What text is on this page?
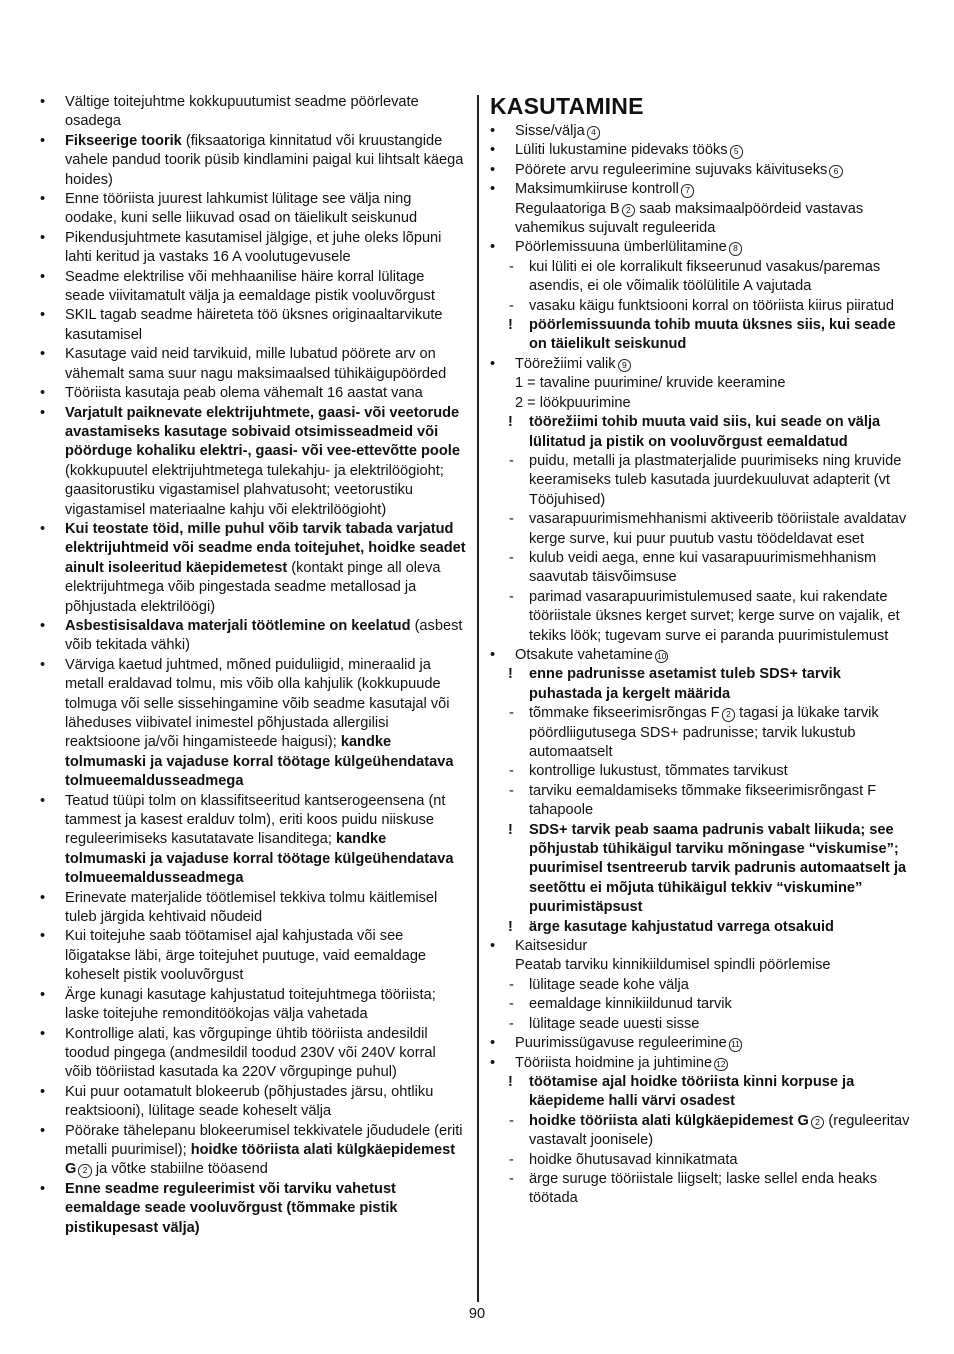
• Vältige toitejuhtme kokkupuutumist seadme pöörlevate osadega
• Fikseerige toorik (fiksaatoriga kinnitatud või kruustangide vahele pandud toorik püsib kindlamini paigal kui lihtsalt käega hoides)
• Enne tööriista juurest lahkumist lülitage see välja ning oodake, kuni selle liikuvad osad on täielikult seiskunud
• Pikendusjuhtmete kasutamisel jälgige, et juhe oleks lõpuni lahti keritud ja vastaks 16 A voolutugevusele
• Seadme elektrilise või mehhaanilise häire korral lülitage seade viivitamatult välja ja eemaldage pistik vooluvõrgust
• SKIL tagab seadme häireteta töö üksnes originaaltarvikute kasutamisel
• Kasutage vaid neid tarvikuid, mille lubatud pöörete arv on vähemalt sama suur nagu maksimaalsed tühikäigupöörded
• Tööriista kasutaja peab olema vähemalt 16 aastat vana
• Varjatult paiknevate elektrijuhtmete, gaasi- või veetorude avastamiseks kasutage sobivaid otsimisseadmeid või pöörduge kohaliku elektri-, gaasi- või vee-ettevõtte poole (kokkupuutel elektrijuhtmetega tulekahju- ja elektrilöögioht; gaasitorustiku vigastamisel plahvatusoht; veetorustiku vigastamisel materiaalne kahju või elektrilöögioht)
• Kui teostate töid, mille puhul võib tarvik tabada varjatud elektrijuhtmeid või seadme enda toitejuhet, hoidke seadet ainult isoleeritud käepidemetest (kontakt pinge all oleva elektrijuhtmega võib pingestada seadme metallosad ja põhjustada elektrilöögi)
• Asbestisisaldava materjali töötlemine on keelatud (asbest võib tekitada vähki)
• Värviga kaetud juhtmed, mõned puiduliigid, mineraalid ja metall eraldavad tolmu, mis võib olla kahjulik (kokkupuude tolmuga või selle sissehingamine võib seadme kasutajal või läheduses viibivatel inimestel põhjustada allergilisi reaktsioone ja/või hingamisteede haigusi); kandke tolmumaski ja vajaduse korral töötage külgeühendatava tolmueemaldusseadmega
• Teatud tüüpi tolm on klassifitseeritud kantserogeensena (nt tammest ja kasest eralduv tolm), eriti koos puidu niiskuse reguleerimiseks kasutatavate lisanditega; kandke tolmumaski ja vajaduse korral töötage külgeühendatava tolmueemaldusseadmega
• Erinevate materjalide töötlemisel tekkiva tolmu käitlemisel tuleb järgida kehtivaid nõudeid
• Kui toitejuhe saab töötamisel ajal kahjustada või see lõigatakse läbi, ärge toitejuhet puutuge, vaid eemaldage koheselt pistik vooluvõrgust
• Ärge kunagi kasutage kahjustatud toitejuhtmega tööriista; laske toitejuhe remonditöökojas välja vahetada
• Kontrollige alati, kas võrgupinge ühtib tööriista andesildil toodud pingega (andmesildil toodud 230V või 240V korral võib tööriistad kasutada ka 220V võrgupinge puhul)
• Kui puur ootamatult blokeerub (põhjustades järsu, ohtliku reaktsiooni), lülitage seade koheselt välja
• Pöörake tähelepanu blokeerumisel tekkivatele jõududele (eriti metalli puurimisel); hoidke tööriista alati külgkäepidemest G 2 ja võtke stabiilne tööasend
• Enne seadme reguleerimist või tarviku vahetust eemaldage seade vooluvõrgust (tõmmake pistik pistikupesast välja)
KASUTAMINE
• Sisse/välja 4
• Lüliti lukustamine pidevaks tööks 5
• Pöörete arvu reguleerimine sujuvaks käivituseks 6
• Maksimumkiiruse kontroll 7
Regulaatoriga B 2 saab maksimaalpöördeid vastavas vahemikus sujuvalt reguleerida
• Pöörlemissuuna ümberlülitamine 8
- kui lüliti ei ole korralikult fikseerunud vasakus/paremas asendis, ei ole võimalik töölülitile A vajutada
- vasaku käigu funktsiooni korral on tööriista kiirus piiratud
! pöörlemissuunda tohib muuta üksnes siis, kui seade on täielikult seiskunud
• Töörežiimi valik 9
1 = tavaline puurimine/ kruvide keeramine
2 = löökpuurimine
! töörežiimi tohib muuta vaid siis, kui seade on välja lülitatud ja pistik on vooluvõrgust eemaldatud
- puidu, metalli ja plastmaterjalide puurimiseks ning kruvide keeramiseks tuleb kasutada juurdekuuluvat adapterit (vt Tööjuhised)
- vasarapuurimismehhanismi aktiveerib tööriistale avaldatav kerge surve, kui puur puutub vastu töödeldavat eset
- kulub veidi aega, enne kui vasarapuurimismehhanism saavutab täisvõimsuse
- parimad vasarapuurimistulemused saate, kui rakendate tööriistale üksnes kerget survet; kerge surve on vajalik, et tekiks löök; tugevam surve ei paranda puurimistulemust
• Otsakute vahetamine 10
! enne padrunisse asetamist tuleb SDS+ tarvik puhastada ja kergelt määrida
- tõmmake fikseerimisrõngas F 2 tagasi ja lükake tarvik pöördliigutusega SDS+ padrunisse; tarvik lukustub automaatselt
- kontrollige lukustust, tõmmates tarvikust
- tarviku eemaldamiseks tõmmake fikseerimisrõngast F tahapoole
! SDS+ tarvik peab saama padrunis vabalt liikuda; see põhjustab tühikäigul tarviku mõningase “viskumise”; puurimisel tsentreerub tarvik padrunis automaatselt ja seetõttu ei mõjuta tühikäigul tekkiv “viskumine” puurimistäpsust
! ärge kasutage kahjustatud varrega otsakuid
• Kaitsesidur
Peatab tarviku kinnikiildumisel spindli pöörlemise
- lülitage seade kohe välja
- eemaldage kinnikiildunud tarvik
- lülitage seade uuesti sisse
• Puurimissügavuse reguleerimine 11
• Tööriista hoidmine ja juhtimine 12
! töötamise ajal hoidke tööriista kinni korpuse ja käepideme halli värvi osadest
- hoidke tööriista alati külgkäepidemest G 2 (reguleeritav vastavalt joonisele)
- hoidke õhutusavad kinnikatmata
- ärge suruge tööriistale liigselt; laske sellel enda heaks töötada
90
